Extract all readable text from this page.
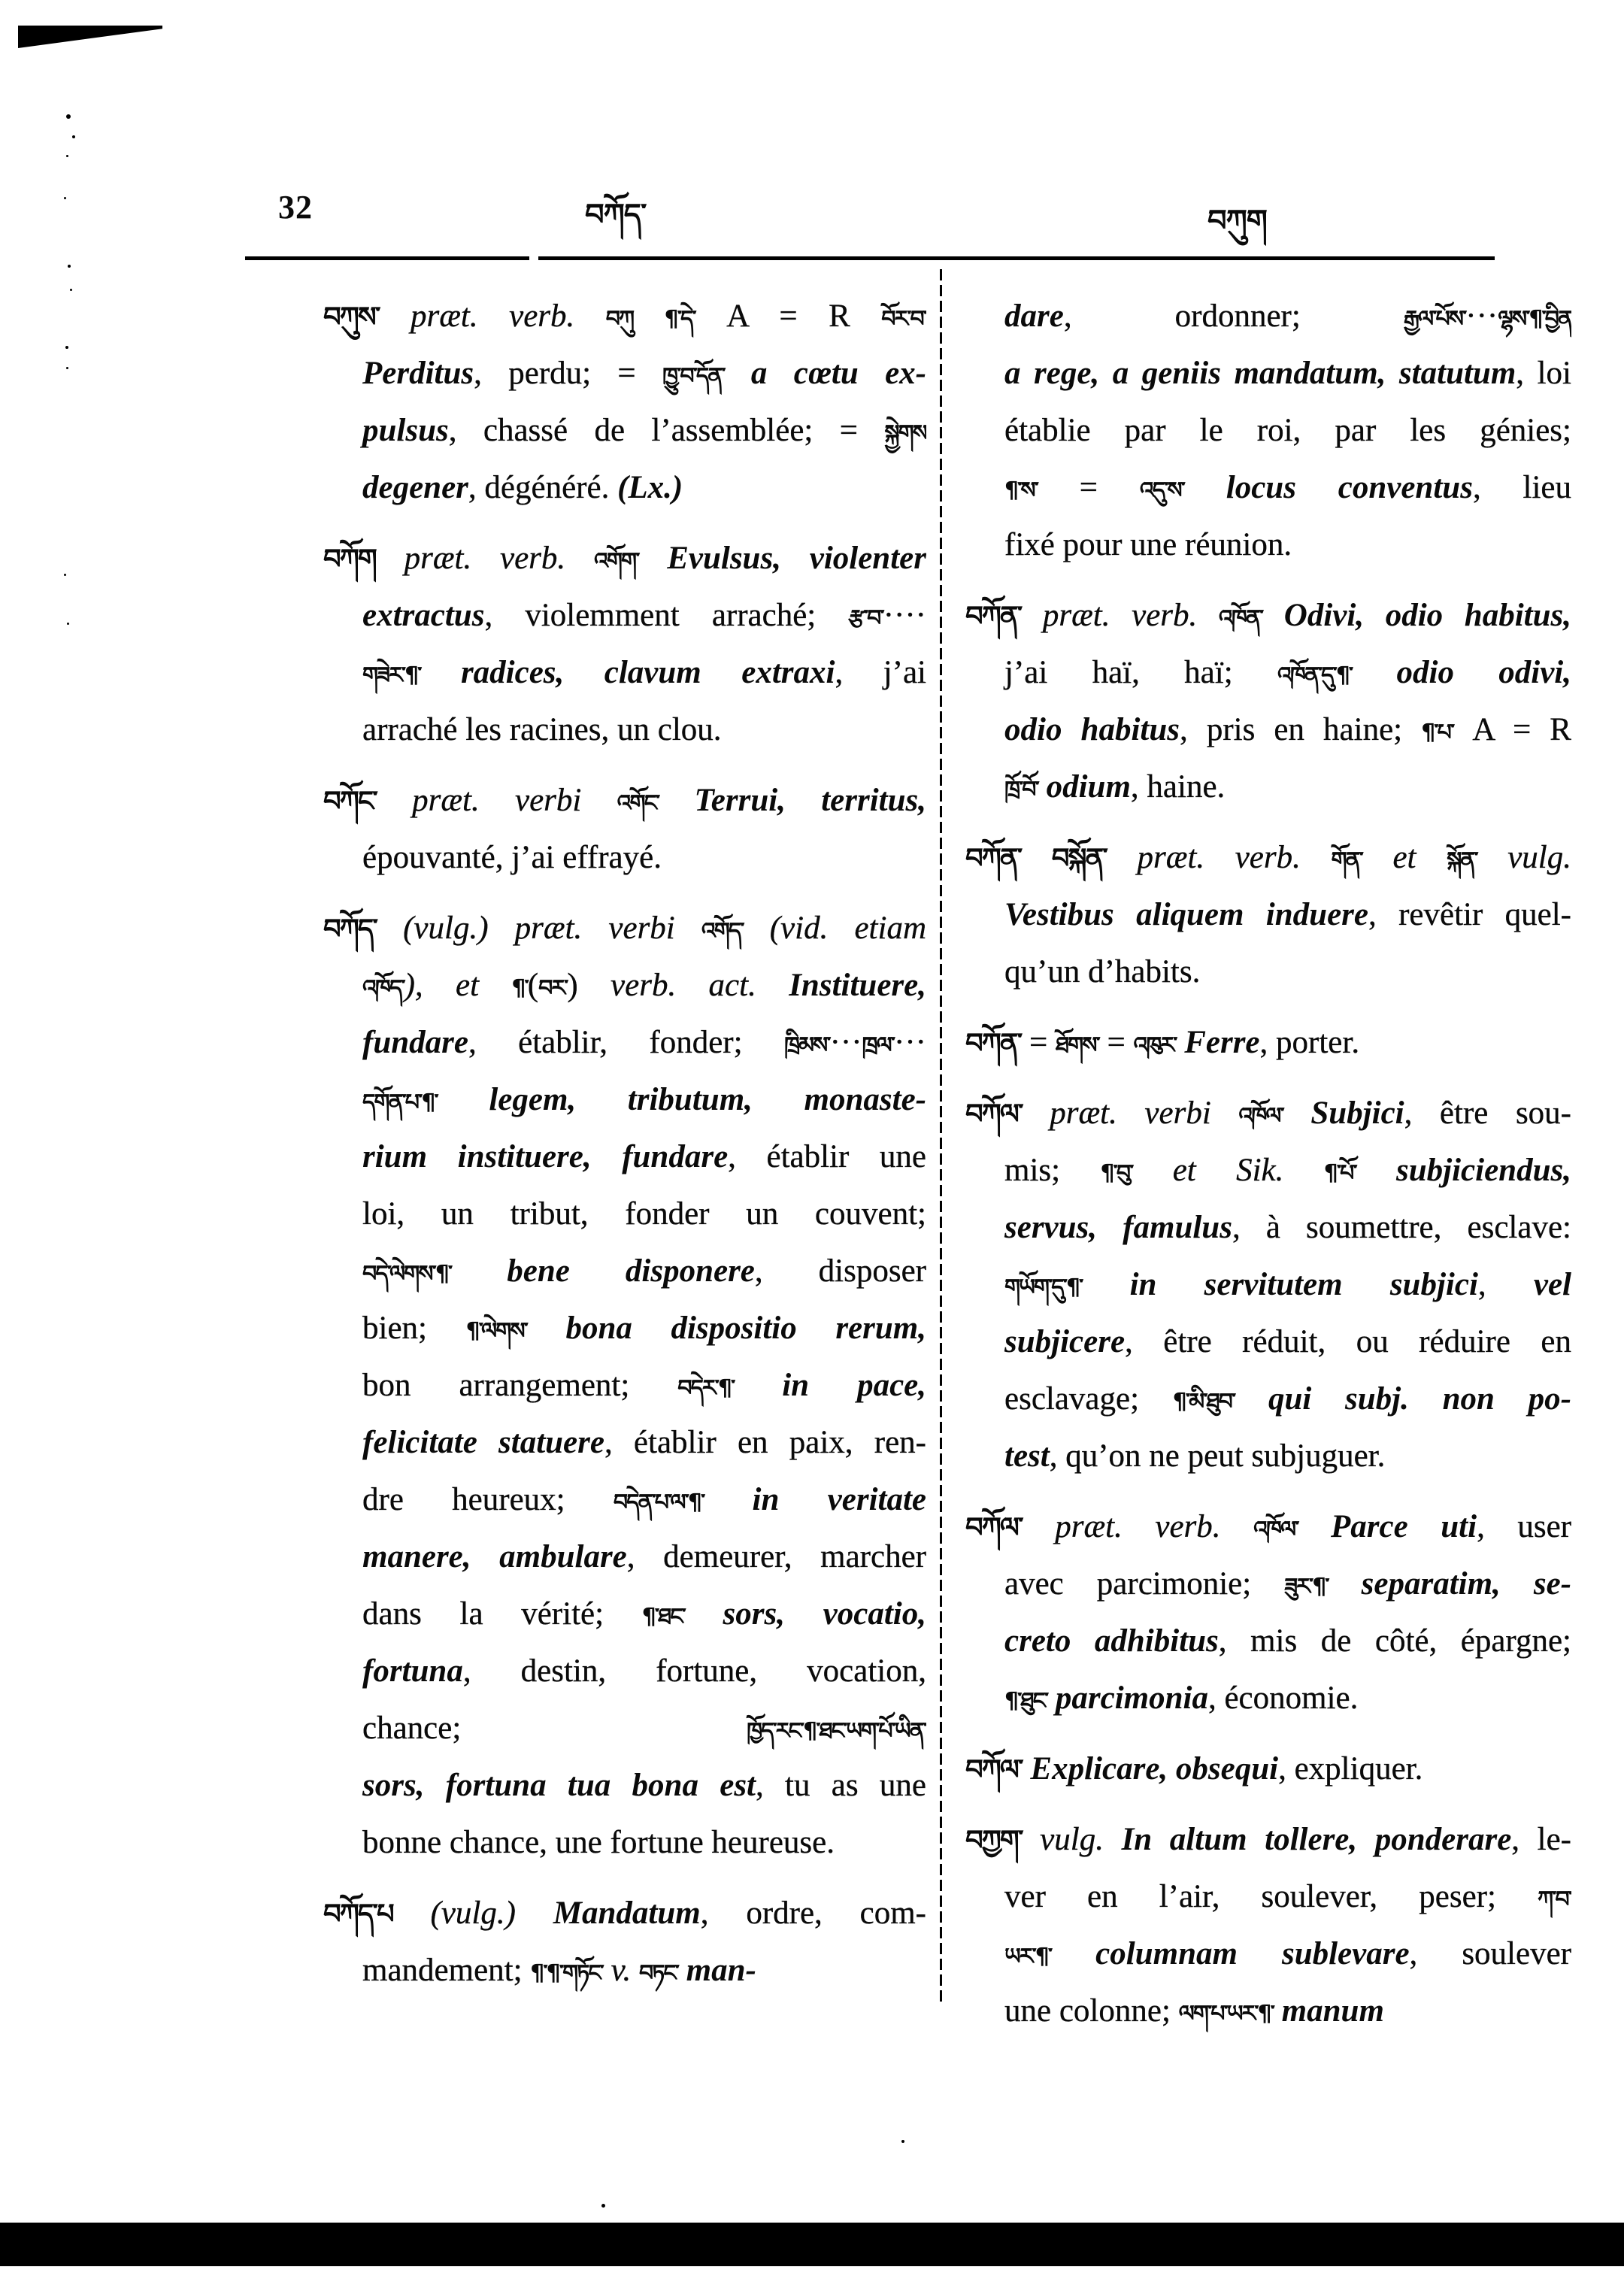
32	བཀོད་	བཀུག
བཀུས་ præt. verb. བཀུ ¶་དེ་ A = R བོར་བ་
Perditus, perdu; = ཁྱུ་བ་དོན་ a cœtu ex-
pulsus, chassé de l’assemblée; = སྐྱེགས
degener, dégénéré. (Lx.)
བཀོག præt. verb. འགོག་ Evulsus, violenter
extractus, violemment arraché; རྩ་བ་····
གཟེར་¶་ radices, clavum extraxi, j’ai
arraché les racines, un clou.
བཀོང་ præt. verbi འགོང་ Terrui, territus,
épouvanté, j’ai effrayé.
བཀོད་ (vulg.) præt. verbi འགོད་ (vid. etiam
འཁོད་), et ¶་(བར་) verb. act. Instituere,
fundare, établir, fonder; ཁྲིམས་···ཁྲལ་···
དགོན་པ་¶་ legem, tributum, monaste-
rium instituere, fundare, établir une
loi, un tribut, fonder un couvent;
བདེ་ལེགས་¶་ bene disponere, disposer
bien; ¶་ལེགས་ bona dispositio rerum,
bon arrangement; བདེར་¶་ in pace,
felicitate statuere, établir en paix, ren-
dre heureux; བདེན་པ་ལ་¶་ in veritate
manere, ambulare, demeurer, marcher
dans la vérité; ¶་ཐང་ sors, vocatio,
fortuna, destin, fortune, vocation,
chance; ཁྱོད་རང་¶་ཐང་ཡག་པོ་ཡིན་
sors, fortuna tua bona est, tu as une
bonne chance, une fortune heureuse.
བཀོད་པ (vulg.) Mandatum, ordre, com-
mandement; ¶་¶་གཏོང་ v. བཏང་ man-
dare, ordonner; རྒྱལ་པོས་···ལྷས་¶་བྱིན
a rege, a geniis mandatum, statutum, loi
établie par le roi, par les génies;
¶་ས་ = འདུ་ས་ locus conventus, lieu
fixé pour une réunion.
བཀོན་ præt. verb. འཁོན་ Odivi, odio habitus,
j’ai haï, haï; འཁོན་དུ་¶་ odio odivi,
odio habitus, pris en haine; ¶་པ་ A = R
ཁྲོ་བོ་ odium, haine.
བཀོན་ བསྐོན་ præt. verb. གོན་ et སྐོན་ vulg.
Vestibus aliquem induere, revêtir quel-
qu’un d’habits.
བཀོན་ = ཐོགས་ = འཁུར་ Ferre, porter.
བཀོལ་ præt. verbi འཁོལ་ Subjici, être sou-
mis; ¶་བུ་ et Sik. ¶་པོ་ subjiciendus,
servus, famulus, à soumettre, esclave:
གཡོག་དུ་¶་ in servitutem subjici, vel
subjicere, être réduit, ou réduire en
esclavage; ¶་མི་ཐུབ་ qui subj. non po-
test, qu’on ne peut subjuguer.
བཀོལ་ præt. verb. འཁོལ་ Parce uti, user
avec parcimonie; ཟུར་¶་ separatim, se-
creto adhibitus, mis de côté, épargne;
¶་ཐུང་ parcimonia, économie.
བཀོལ་ Explicare, obsequi, expliquer.
བཀྱག་ vulg. In altum tollere, ponderare, le-
ver en l’air, soulever, peser; ཀ་བ་
ཡར་¶་ columnam sublevare, soulever
une colonne; ལག་པ་ཡར་¶་ manum
